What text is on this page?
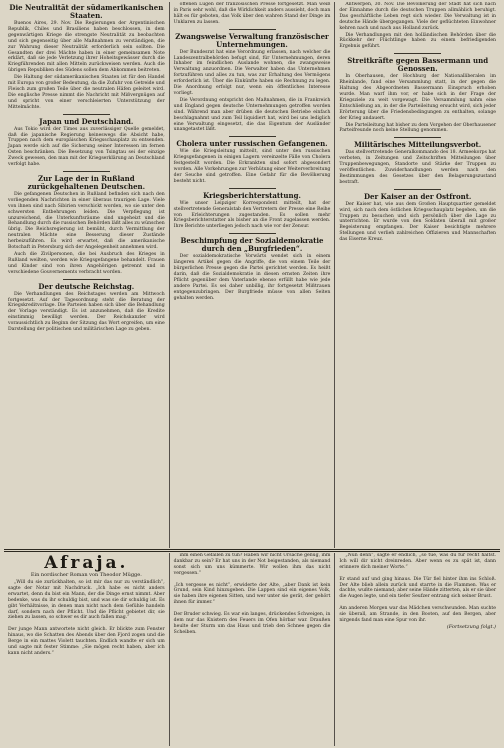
Die Neutralität der südamerikanischen Staaten.

Buenos Aires, 29. Nov. Die Regierungen der Argentinischen Republik, Chiles und Brasiliens haben beschlossen, in dem gegenwärtigen Kriege die strengste Neutralität zu beobachten und sich gegenseitig über alle Maßnahmen zu verständigen, die zur Wahrung dieser Neutralität erforderlich sein sollten. Die Gesandten der drei Mächte haben in einer gemeinsamen Note erklärt, daß sie jede Verletzung ihrer Hoheitsgewässer durch die Kriegführenden mit allen Mitteln zurückweisen werden. Auch die übrigen Republiken des Südens sollen dem Abkommen beitreten.

Die Haltung der südamerikanischen Staaten ist für den Handel mit Europa von großer Bedeutung, da die Zufuhr von Getreide und Fleisch zum großen Teile über die neutralen Häfen geleitet wird. Die englische Presse nimmt die Nachricht mit Mißvergnügen auf und spricht von einer verschleierten Unterstützung der Mittelmächte.

Japan und Deutschland.

Aus Tokio wird der Times aus zuverlässiger Quelle gemeldet, daß die japanische Regierung keineswegs die Absicht habe, Truppen nach dem europäischen Kriegsschauplatz zu entsenden. Japan werde sich auf die Sicherung seiner Interessen im fernen Osten beschränken. Die Besetzung von Tsingtau sei der einzige Zweck gewesen, den man mit der Kriegserklärung an Deutschland verfolgt habe.

Zur Lage der in Rußland zurückgehaltenen Deutschen.

Die gefangenen Deutschen in Rußland befinden sich nach den vorliegenden Nachrichten in einer überaus traurigen Lage. Viele von ihnen sind nach Sibirien verschickt worden, wo sie unter den schwersten Entbehrungen leiden. Die Verpflegung ist unzureichend, die Unterkunftsräume sind ungeheizt und die Behandlung durch die russischen Behörden läßt alles zu wünschen übrig. Die Reichsregierung ist bemüht, durch Vermittlung der neutralen Mächte eine Besserung dieser Zustände herbeizuführen. Es wird erwartet, daß die amerikanische Botschaft in Petersburg sich der Angelegenheit annehmen wird.

Auch die Zivilpersonen, die bei Ausbruch des Krieges in Rußland weilten, werden wie Kriegsgefangene behandelt. Frauen und Kinder sind von ihren Angehörigen getrennt und in verschiedene Gouvernements verbracht worden.

Der deutsche Reichstag.

Die Verhandlungen des Reichstages werden am Mittwoch fortgesetzt. Auf der Tagesordnung steht die Beratung der Kriegskreditvorlage. Die Parteien haben sich über die Behandlung der Vorlage verständigt. Es ist anzunehmen, daß die Kredite einstimmig bewilligt werden. Der Reichskanzler wird voraussichtlich zu Beginn der Sitzung das Wort ergreifen, um eine Darstellung der politischen und militärischen Lage zu geben.

offenen Lügen der französischen Presse fortgesetzt. Man weiß in Paris sehr wohl, daß die Wirklichkeit anders aussieht, doch man hält es für geboten, das Volk über den wahren Stand der Dinge im Unklaren zu lassen.

Zwangsweise Verwaltung französischer Unternehmungen.

Der Bundesrat hat eine Verordnung erlassen, nach welcher die Landeszentralbehörden befugt sind, für Unternehmungen, deren Inhaber im feindlichen Auslande wohnen, die zwangsweise Verwaltung anzuordnen. Die Verwalter haben das Unternehmen fortzuführen und alles zu tun, was zur Erhaltung des Vermögens erforderlich ist. Über die Einkünfte haben sie Rechnung zu legen. Die Anordnung erfolgt nur, wenn ein öffentliches Interesse vorliegt.

Die Verordnung entspricht den Maßnahmen, die in Frankreich und England gegen deutsche Unternehmungen getroffen worden sind. Während man aber drüben die deutschen Betriebe einfach beschlagnahmt und zum Teil liquidiert hat, wird bei uns lediglich eine Verwaltung eingesetzt, die das Eigentum der Ausländer unangetastet läßt.

Cholera unter russischen Gefangenen.

Wie die Kriegsleitung mitteilt, sind unter den russischen Kriegsgefangenen in einigen Lagern vereinzelte Fälle von Cholera festgestellt worden. Die Erkrankten sind sofort abgesondert worden. Alle Vorkehrungen zur Verhütung einer Weiterverbreitung der Seuche sind getroffen. Eine Gefahr für die Bevölkerung besteht nicht.

Kriegsberichterstattung.

Wie unser Leipziger Korrespondent mitteilt, hat der stellvertretende Generalstab den Vertretern der Presse eine Reihe von Erleichterungen zugestanden. Es sollen mehr Kriegsberichterstatter als bisher an die Front zugelassen werden. Ihre Berichte unterliegen jedoch nach wie vor der Zensur.

Beschimpfung der Sozialdemokratie durch den „Burgfrieden“.

Der sozialdemokratische Vorwärts wendet sich in einem längeren Artikel gegen die Angriffe, die von einem Teile der bürgerlichen Presse gegen die Partei gerichtet werden. Es heißt darin, daß die Sozialdemokratie in diesen ernsten Zeiten ihre Pflicht gegenüber dem Vaterlande ebenso erfüllt habe wie jede andere Partei. Es sei daher unbillig, ihr fortgesetzt Mißtrauen entgegenzubringen. Der Burgfriede müsse von allen Seiten gehalten werden.

Antwerpen, 30. Nov. Die Bevölkerung der Stadt hat sich nach der Einnahme durch die deutschen Truppen allmählich beruhigt. Das geschäftliche Leben regt sich wieder. Die Verwaltung ist in deutsche Hände übergegangen. Viele der geflüchteten Einwohner kehren nach und nach aus Holland zurück.

Die Verhandlungen mit den holländischen Behörden über die Rückkehr der Flüchtlinge haben zu einem befriedigenden Ergebnis geführt.

Streitkräfte gegen Bassermann und Genossen.

In Oberhausen, der Hochburg der Nationalliberalen im Rheinlande, fand eine Versammlung statt, in der gegen die Haltung des Abgeordneten Bassermann Einspruch erhoben wurde. Man warf ihm vor, er habe sich in der Frage der Kriegsziele zu weit vorgewagt. Die Versammlung nahm eine Entschließung an, in der die Parteileitung ersucht wird, sich jeder Erörterung über die Friedensbedingungen zu enthalten, solange der Krieg andauert.

Die Parteileitung hat bisher zu dem Vorgehen der Oberhausener Parteifreunde noch keine Stellung genommen.

Militärisches Mitteilungsverbot.

Das stellvertretende Generalkommando des 18. Armeekorps hat verboten, in Zeitungen und Zeitschriften Mitteilungen über Truppenbewegungen, Standorte und Stärke der Truppen zu veröffentlichen. Zuwiderhandlungen werden nach den Bestimmungen des Gesetzes über den Belagerungszustand bestraft.

Der Kaiser an der Ostfront.

Der Kaiser hat, wie aus dem Großen Hauptquartier gemeldet wird, sich nach dem östlichen Kriegsschauplatz begeben, um die Truppen zu besuchen und sich persönlich über die Lage zu unterrichten. Er wurde von den Soldaten überall mit großer Begeisterung empfangen. Der Kaiser besichtigte mehrere Stellungen und verlieh zahlreichen Offizieren und Mannschaften das Eiserne Kreuz.

Afraja.
Ein nordischer Roman von Theodor Mügge.

„Will du sie zurückhalten, so ist mir das nur zu verständlich“, sagte der Notar mit Nachdruck. „Ich habe es nicht anders erwartet, denn du bist ein Mann, der die Dinge ernst nimmt. Aber bedenke, was du ihr schuldig bist, und was sie dir schuldig ist. Es gibt Verhältnisse, in denen man nicht nach dem Gefühle handeln darf, sondern nach der Pflicht. Und die Pflicht gebietet dir, sie ziehen zu lassen, so schwer es dir auch fallen mag.“

Der junge Mann antwortete nicht gleich. Er blickte zum Fenster hinaus, wo die Schatten des Abends über den Fjord zogen und die Berge in ein mattes Violett tauchten. Endlich wandte er sich um und sagte mit fester Stimme: „Sie mögen recht haben, aber ich kann nicht anders.“

ihm einen Gefallen zu tun? Haben wir nicht Ursache genug, ihm dankbar zu sein? Er hat uns in der Not beigestanden, als niemand sonst sich um uns kümmerte. Wir wollen ihm das nicht vergessen.“

„Ich vergesse es nicht“, erwiderte der Alte, „aber Dank ist kein Grund, sein Kind hinzugeben. Die Lappen sind ein eigenes Volk, sie haben ihre eigenen Sitten, und wer unter sie gerät, der gehört ihnen für immer.“

Der Bruder schwieg. Es war ein langes, drückendes Schweigen, in dem nur das Knistern des Feuers im Ofen hörbar war. Draußen heulte der Sturm um das Haus und trieb den Schnee gegen die Scheiben.

„Nun denn“, sagte er endlich, „so tue, was du für recht hältst. Ich will dir nicht dreinreden. Aber wenn es zu spät ist, dann erinnere dich meiner Worte.“

Er stand auf und ging hinaus. Die Tür fiel hinter ihm ins Schloß. Der Alte blieb allein zurück und starrte in die Flammen. Was er dachte, wußte niemand; aber seine Hände zitterten, als er sie über die Augen legte, und ein tiefer Seufzer entrang sich seiner Brust.

Am anderen Morgen war das Mädchen verschwunden. Man suchte sie überall, am Strande, in den Booten, auf den Bergen, aber nirgends fand man eine Spur von ihr.

(Fortsetzung folgt.)
